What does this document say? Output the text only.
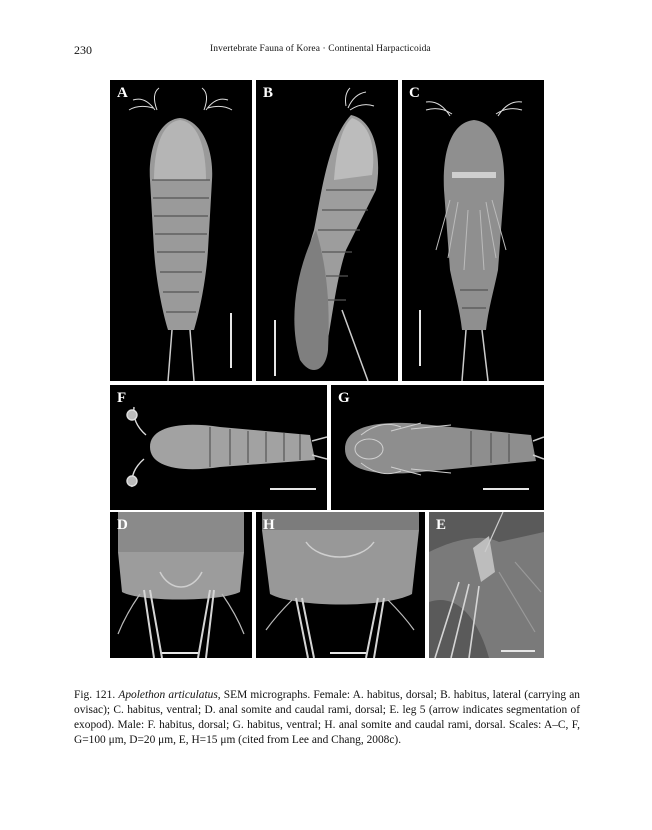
230	Invertebrate Fauna of Korea · Continental Harpacticoida
A	B	C
F	G
D	H	E
Fig. 121. Apolethon articulatus, SEM micrographs. Female: A. habitus, dorsal; B. habitus, lateral (carrying an ovisac); C. habitus, ventral; D. anal somite and caudal rami, dorsal; E. leg 5 (arrow indicates segmentation of exopod). Male: F. habitus, dorsal; G. habitus, ventral; H. anal somite and caudal rami, dorsal. Scales: A–C, F, G=100 μm, D=20 μm, E, H=15 μm (cited from Lee and Chang, 2008c).
